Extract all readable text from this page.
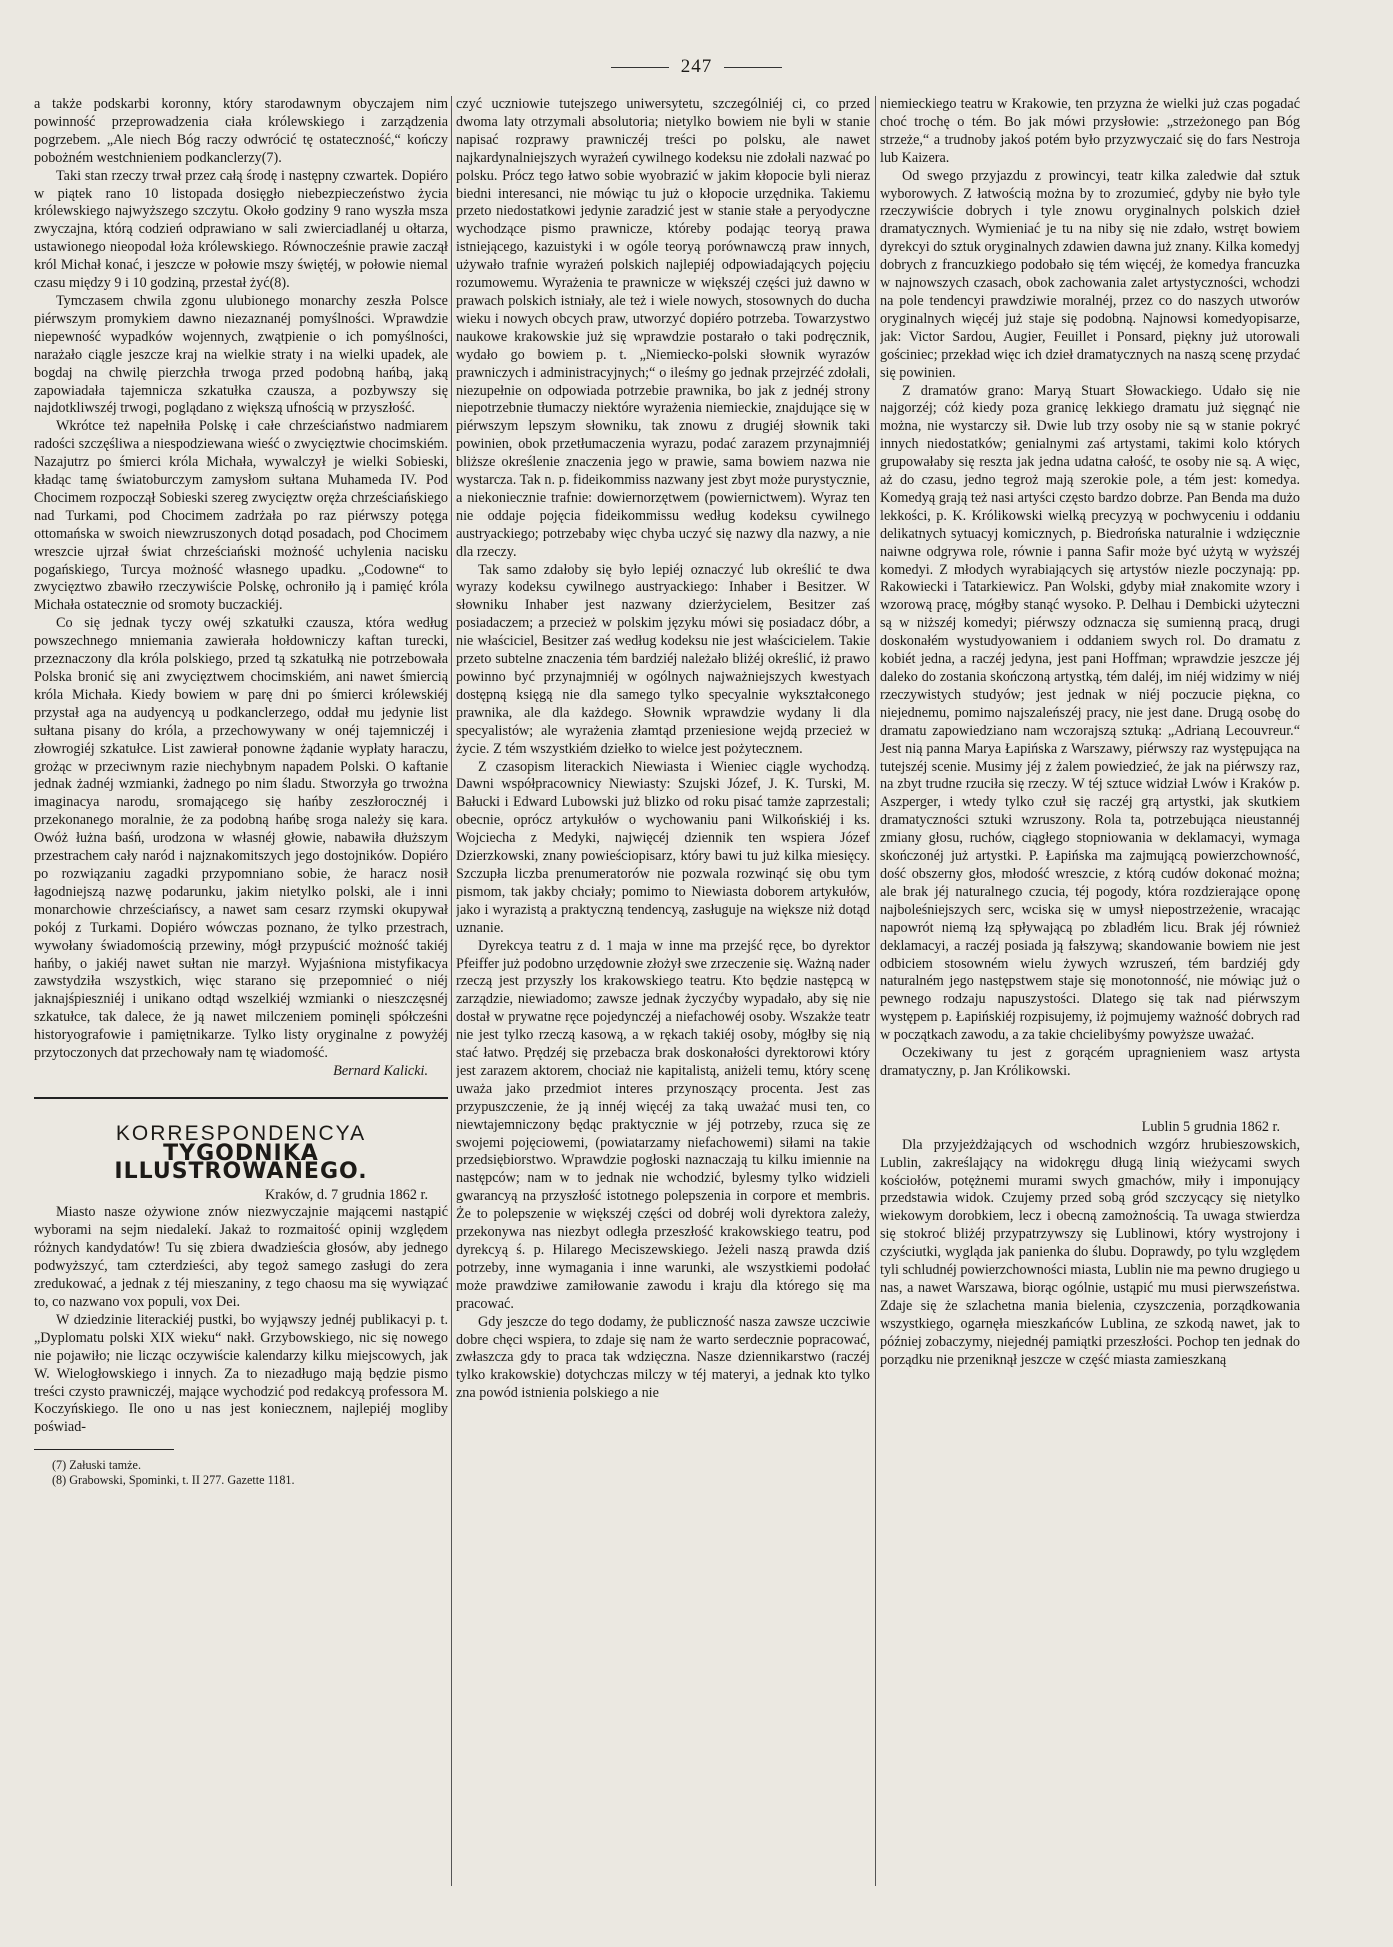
247

a także podskarbi koronny, który starodawnym obyczajem nim powinność przeprowadzenia ciała królewskiego i zarządzenia pogrzebem. „Ale niech Bóg raczy odwrócić tę ostateczność,“ kończy pobożném westchnieniem podkanclerzy(7).

Taki stan rzeczy trwał przez całą środę i następny czwartek. Dopiéro w piątek rano 10 listopada dosięgło niebezpieczeństwo życia królewskiego najwyższego szczytu. Około godziny 9 rano wyszła msza zwyczajna, którą codzień odprawiano w sali zwierciadlanéj u ołtarza, ustawionego nieopodal łoża królewskiego. Równocześnie prawie zaczął król Michał konać, i jeszcze w połowie mszy świętéj, w połowie niemal czasu między 9 i 10 godziną, przestał żyć(8).

Tymczasem chwila zgonu ulubionego monarchy zeszła Polsce piérwszym promykiem dawno niezaznanéj pomyślności. Wprawdzie niepewność wypadków wojennych, zwątpienie o ich pomyślności, narażało ciągle jeszcze kraj na wielkie straty i na wielki upadek, ale bogdaj na chwilę pierzchła trwoga przed podobną hańbą, jaką zapowiadała tajemnicza szkatułka czausza, a pozbywszy się najdotkliwszéj trwogi, poglądano z większą ufnością w przyszłość.

Wkrótce też napełniła Polskę i całe chrześciaństwo nadmiarem radości szczęśliwa a niespodziewana wieść o zwycięztwie chocimskiém. Nazajutrz po śmierci króla Michała, wywalczył je wielki Sobieski, kładąc tamę światoburczym zamysłom sułtana Muhameda IV. Pod Chocimem rozpoczął Sobieski szereg zwycięztw oręża chrześciańskiego nad Turkami, pod Chocimem zadrżała po raz piérwszy potęga ottomańska w swoich niewzruszonych dotąd posadach, pod Chocimem wreszcie ujrzał świat chrześciański możność uchylenia nacisku pogańskiego, Turcya możność własnego upadku. „Codowne“ to zwycięztwo zbawiło rzeczywiście Polskę, ochroniło ją i pamięć króla Michała ostatecznie od sromoty buczackiéj.

Co się jednak tyczy owéj szkatułki czausza, która według powszechnego mniemania zawierała hołdowniczy kaftan turecki, przeznaczony dla króla polskiego, przed tą szkatułką nie potrzebowała Polska bronić się ani zwycięztwem chocimskiém, ani nawet śmiercią króla Michała. Kiedy bowiem w parę dni po śmierci królewskiéj przystał aga na audyencyą u podkanclerzego, oddał mu jedynie list sułtana pisany do króla, a przechowywany w onéj tajemniczéj i złowrogiéj szkatułce. List zawierał ponowne żądanie wypłaty haraczu, grożąc w przeciwnym razie niechybnym napadem Polski. O kaftanie jednak żadnéj wzmianki, żadnego po nim śladu. Stworzyła go trwożna imaginacya narodu, sromającego się hańby zeszłorocznéj i przekonanego moralnie, że za podobną hańbę sroga należy się kara. Owóż łużna baśń, urodzona w własnéj głowie, nabawiła dłuższym przestrachem cały naród i najznakomitszych jego dostojników. Dopiéro po rozwiązaniu zagadki przypomniano sobie, że haracz nosił łagodniejszą nazwę podarunku, jakim nietylko polski, ale i inni monarchowie chrześciańscy, a nawet sam cesarz rzymski okupywał pokój z Turkami. Dopiéro wówczas poznano, że tylko przestrach, wywołany świadomością przewiny, mógł przypuścić możność takiéj hańby, o jakiéj nawet sułtan nie marzył. Wyjaśniona mistyfikacya zawstydziła wszystkich, więc starano się przepomnieć o niéj jaknajśpieszniéj i unikano odtąd wszelkiéj wzmianki o nieszczęsnéj szkatułce, tak dalece, że ją nawet milczeniem pominęli spółcześni historyografowie i pamiętnikarze. Tylko listy oryginalne z powyżéj przytoczonych dat przechowały nam tę wiadomość.

Bernard Kalicki.
KORRESPONDENCYA
TYGODNIKA ILLUSTROWANEGO.
Kraków, d. 7 grudnia 1862 r.

Miasto nasze ożywione znów niezwyczajnie mającemi nastąpić wyborami na sejm niedalekí. Jakaż to rozmaitość opinij względem różnych kandydatów! Tu się zbiera dwadzieścia głosów, aby jednego podwyższyć, tam czterdzieści, aby tegoż samego zasługi do zera zredukować, a jednak z téj mieszaniny, z tego chaosu ma się wywiązać to, co nazwano vox populi, vox Dei.

W dziedzinie literackiéj pustki, bo wyjąwszy jednéj publikacyi p. t. „Dyplomatu polski XIX wieku“ nakł. Grzybowskiego, nic się nowego nie pojawiło; nie licząc oczywiście kalendarzy kilku miejscowych, jak W. Wielogłowskiego i innych. Za to niezadługo mają będzie pismo treści czysto prawniczéj, mające wychodzić pod redakcyą professora M. Koczyńskiego. Ile ono u nas jest koniecznem, najlepiéj mogliby poświad-

(7) Załuski tamże.
(8) Grabowski, Spominki, t. II 277. Gazette 1181.

czyć uczniowie tutejszego uniwersytetu, szczególniéj ci, co przed dwoma laty otrzymali absolutoria; nietylko bowiem nie byli w stanie napisać rozprawy prawniczéj treści po polsku, ale nawet najkardynalniejszych wyrażeń cywilnego kodeksu nie zdołali nazwać po polsku. Prócz tego łatwo sobie wyobrazić w jakim kłopocie byli nieraz biedni interesanci, nie mówiąc tu już o kłopocie urzędnika. Takiemu przeto niedostatkowi jedynie zaradzić jest w stanie stałe a peryodyczne wychodzące pismo prawnicze, któreby podając teoryą prawa istniejącego, kazuistyki i w ogóle teoryą porównawczą praw innych, używało trafnie wyrażeń polskich najlepiéj odpowiadających pojęciu rozumowemu. Wyrażenia te prawnicze w większéj części już dawno w prawach polskich istniały, ale też i wiele nowych, stosownych do ducha wieku i nowych obcych praw, utworzyć dopiéro potrzeba. Towarzystwo naukowe krakowskie już się wprawdzie postarało o taki podręcznik, wydało go bowiem p. t. „Niemiecko-polski słownik wyrazów prawniczych i administracyjnych;“ o ileśmy go jednak przejrzéć zdołali, niezupełnie on odpowiada potrzebie prawnika, bo jak z jednéj strony niepotrzebnie tłumaczy niektóre wyrażenia niemieckie, znajdujące się w piérwszym lepszym słowniku, tak znowu z drugiéj słownik taki powinien, obok przetłumaczenia wyrazu, podać zarazem przynajmniéj bliższe określenie znaczenia jego w prawie, sama bowiem nazwa nie wystarcza. Tak n. p. fideikommiss nazwany jest zbyt może purystycznie, a niekoniecznie trafnie: dowiernorzętwem (powiernictwem). Wyraz ten nie oddaje pojęcia fideikommissu według kodeksu cywilnego austryackiego; potrzebaby więc chyba uczyć się nazwy dla nazwy, a nie dla rzeczy.

Tak samo zdałoby się było lepiéj oznaczyć lub określić te dwa wyrazy kodeksu cywilnego austryackiego: Inhaber i Besitzer. W słowniku Inhaber jest nazwany dzierżycielem, Besitzer zaś posiadaczem; a przecież w polskim języku mówi się posiadacz dóbr, a nie właściciel, Besitzer zaś według kodeksu nie jest właścicielem. Takie przeto subtelne znaczenia tém bardziéj należało bliżéj określić, iż prawo powinno być przynajmniéj w ogólnych najważniejszych kwestyach dostępną księgą nie dla samego tylko specyalnie wykształconego prawnika, ale dla każdego. Słownik wprawdzie wydany li dla specyalistów; ale wyrażenia złamtąd przeniesione wejdą przecież w życie. Z tém wszystkiém dziełko to wielce jest pożytecznem.

Z czasopism literackich Niewiasta i Wieniec ciągle wychodzą. Dawni współpracownicy Niewiasty: Szujski Józef, J. K. Turski, M. Bałucki i Edward Lubowski już blizko od roku pisać tamże zaprzestali; obecnie, oprócz artykułów o wychowaniu pani Wilkońskiéj i ks. Wojciecha z Medyki, najwięcéj dziennik ten wspiera Józef Dzierzkowski, znany powieściopisarz, który bawi tu już kilka miesięcy. Szczupła liczba prenumeratorów nie pozwala rozwinąć się obu tym pismom, tak jakby chciały; pomimo to Niewiasta doborem artykułów, jako i wyrazistą a praktyczną tendencyą, zasługuje na większe niż dotąd uznanie.

Dyrekcya teatru z d. 1 maja w inne ma przejść ręce, bo dyrektor Pfeiffer już podobno urzędownie złożył swe zrzeczenie się. Ważną nader rzeczą jest przyszły los krakowskiego teatru. Kto będzie następcą w zarządzie, niewiadomo; zawsze jednak życzyćby wypadało, aby się nie dostał w prywatne ręce pojedynczéj a niefachowéj osoby. Wszakże teatr nie jest tylko rzeczą kasową, a w rękach takiéj osoby, mógłby się nią stać łatwo. Prędzéj się przebacza brak doskonałości dyrektorowi który jest zarazem aktorem, chociaż nie kapitalistą, aniżeli temu, który scenę uważa jako przedmiot interes przynoszący procenta. Jest zas przypuszczenie, że ją innéj więcéj za taką uważać musi ten, co niewtajemniczony będąc praktycznie w jéj potrzeby, rzuca się ze swojemi pojęciowemi, (powiatarzamy niefachowemi) siłami na takie przedsiębiorstwo. Wprawdzie pogłoski naznaczają tu kilku imiennie na następców; nam w to jednak nie wchodzić, bylesmy tylko widzieli gwarancyą na przyszłość istotnego polepszenia in corpore et membris. Że to polepszenie w większéj części od dobréj woli dyrektora zależy, przekonywa nas niezbyt odległa przeszłość krakowskiego teatru, pod dyrekcyą ś. p. Hilarego Meciszewskiego. Jeżeli naszą prawda dziś potrzeby, inne wymagania i inne warunki, ale wszystkiemi podołać może prawdziwe zamiłowanie zawodu i kraju dla którego się ma pracować.

Gdy jeszcze do tego dodamy, że publiczność nasza zawsze uczciwie dobre chęci wspiera, to zdaje się nam że warto serdecznie popracować, zwłaszcza gdy to praca tak wdzięczna. Nasze dziennikarstwo (raczéj tylko krakowskie) dotychczas milczy w téj materyi, a jednak kto tylko zna powód istnienia polskiego a nie

niemieckiego teatru w Krakowie, ten przyzna że wielki już czas pogadać choć trochę o tém. Bo jak mówi przysłowie: „strzeżonego pan Bóg strzeże,“ a trudnoby jakoś potém było przyzwyczaić się do fars Nestroja lub Kaizera.

Od swego przyjazdu z prowincyi, teatr kilka zaledwie dał sztuk wyborowych. Z łatwością można by to zrozumieć, gdyby nie było tyle rzeczywiście dobrych i tyle znowu oryginalnych polskich dzieł dramatycznych. Wymieniać je tu na niby się nie zdało, wstręt bowiem dyrekcyi do sztuk oryginalnych zdawien dawna już znany. Kilka komedyj dobrych z francuzkiego podobało się tém więcéj, że komedya francuzka w najnowszych czasach, obok zachowania zalet artystyczności, wchodzi na pole tendencyi prawdziwie moralnéj, przez co do naszych utworów oryginalnych więcéj już staje się podobną. Najnowsi komedyopisarze, jak: Victor Sardou, Augier, Feuillet i Ponsard, piękny już utorowali gościniec; przekład więc ich dzieł dramatycznych na naszą scenę przydać się powinien.

Z dramatów grano: Maryą Stuart Słowackiego. Udało się nie najgorzéj; cóż kiedy poza granicę lekkiego dramatu już sięgnąć nie można, nie wystarczy sił. Dwie lub trzy osoby nie są w stanie pokryć innych niedostatków; genialnymi zaś artystami, takimi kolo których grupowałaby się reszta jak jedna udatna całość, te osoby nie są. A więc, aż do czasu, jedno tegroż mają szerokie pole, a tém jest: komedya. Komedyą grają też nasi artyści często bardzo dobrze. Pan Benda ma dużo lekkości, p. K. Królikowski wielką precyzyą w pochwyceniu i oddaniu delikatnych sytuacyj komicznych, p. Biedrońska naturalnie i wdzięcznie naiwne odgrywa role, równie i panna Safir może być użytą w wyższéj komedyi. Z młodych wyrabiających się artystów niezle poczynają: pp. Rakowiecki i Tatarkiewicz. Pan Wolski, gdyby miał znakomite wzory i wzorową pracę, mógłby stanąć wysoko. P. Delhau i Dembicki użyteczni są w niższéj komedyi; piérwszy odznacza się sumienną pracą, drugi doskonałém wystudyowaniem i oddaniem swych rol. Do dramatu z kobiét jedna, a raczéj jedyna, jest pani Hoffman; wprawdzie jeszcze jéj daleko do zostania skończoną artystką, tém daléj, im niéj widzimy w niéj rzeczywistych studyów; jest jednak w niéj poczucie piękna, co niejednemu, pomimo najszaleńszéj pracy, nie jest dane. Drugą osobę do dramatu zapowiedziano nam wczorajszą sztuką: „Adrianą Lecouvreur.“ Jest nią panna Marya Łapińska z Warszawy, piérwszy raz występująca na tutejszéj scenie. Musimy jéj z żalem powiedzieć, że jak na piérwszy raz, na zbyt trudne rzuciła się rzeczy. W téj sztuce widział Lwów i Kraków p. Aszperger, i wtedy tylko czuł się raczéj grą artystki, jak skutkiem dramatyczności sztuki wzruszony. Rola ta, potrzebująca nieustannéj zmiany głosu, ruchów, ciągłego stopniowania w deklamacyi, wymaga skończonéj już artystki. P. Łapińska ma zajmującą powierzchowność, dość obszerny głos, młodość wreszcie, z którą cudów dokonać można; ale brak jéj naturalnego czucia, téj pogody, która rozdzierające oponę najboleśniejszych serc, wciska się w umysł niepostrzeżenie, wracając napowrót niemą łzą spływającą po zbladłém licu. Brak jéj również deklamacyi, a raczéj posiada ją fałszywą; skandowanie bowiem nie jest odbiciem stosowném wielu żywych wzruszeń, tém bardziéj gdy naturalném jego następstwem staje się monotonność, nie mówiąc już o pewnego rodzaju napuszystości. Dlatego się tak nad piérwszym występem p. Łapińskiéj rozpisujemy, iż pojmujemy ważność dobrych rad w początkach zawodu, a za takie chcielibyśmy powyższe uważać.

Oczekiwany tu jest z gorącém upragnieniem wasz artysta dramatyczny, p. Jan Królikowski.

Lublin 5 grudnia 1862 r.

Dla przyjeżdżających od wschodnich wzgórz hrubieszowskich, Lublin, zakreślający na widokręgu długą linią wieżycami swych kościołów, potężnemi murami swych gmachów, miły i imponujący przedstawia widok. Czujemy przed sobą gród szczycący się nietylko wiekowym dorobkiem, lecz i obecną zamożnością. Ta uwaga stwierdza się stokroć bliżéj przypatrzywszy się Lublinowi, który wystrojony i czyściutki, wygląda jak panienka do ślubu. Doprawdy, po tylu względem tyli schludnéj powierzchowności miasta, Lublin nie ma pewno drugiego u nas, a nawet Warszawa, biorąc ogólnie, ustąpić mu musi pierwszeństwa. Zdaje się że szlachetna mania bielenia, czyszczenia, porządkowania wszystkiego, ogarnęła mieszkańców Lublina, ze szkodą nawet, jak to później zobaczymy, niejednéj pamiątki przeszłości. Pochop ten jednak do porządku nie przeniknął jeszcze w część miasta zamieszkaną
